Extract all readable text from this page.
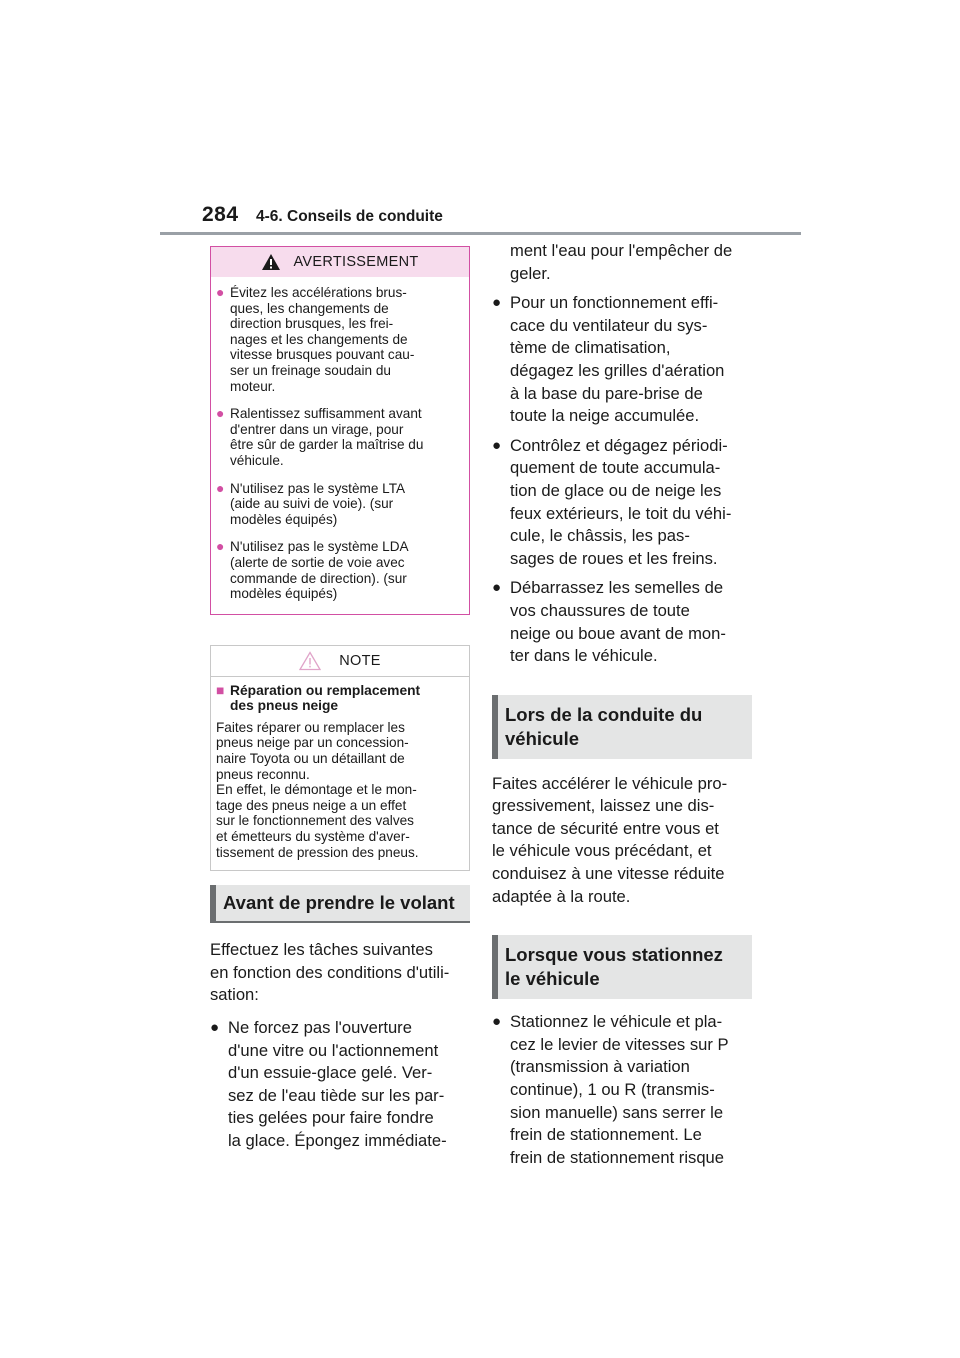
284 4-6. Conseils de conduite
AVERTISSEMENT
● Évitez les accélérations brus-
ques, les changements de
direction brusques, les frei-
nages et les changements de
vitesse brusques pouvant cau-
ser un freinage soudain du
moteur.
● Ralentissez suffisamment avant
d'entrer dans un virage, pour
être sûr de garder la maîtrise du
véhicule.
● N'utilisez pas le système LTA
(aide au suivi de voie). (sur
modèles équipés)
● N'utilisez pas le système LDA
(alerte de sortie de voie avec
commande de direction). (sur
modèles équipés)
NOTE
■ Réparation ou remplacement
des pneus neige
Faites réparer ou remplacer les
pneus neige par un concession-
naire Toyota ou un détaillant de
pneus reconnu.
En effet, le démontage et le mon-
tage des pneus neige a un effet
sur le fonctionnement des valves
et émetteurs du système d'aver-
tissement de pression des pneus.
Avant de prendre le volant
Effectuez les tâches suivantes
en fonction des conditions d'utili-
sation:
● Ne forcez pas l'ouverture
d'une vitre ou l'actionnement
d'un essuie-glace gelé. Ver-
sez de l'eau tiède sur les par-
ties gelées pour faire fondre
la glace. Épongez immédiate-
ment l'eau pour l'empêcher de
geler.
● Pour un fonctionnement effi-
cace du ventilateur du sys-
tème de climatisation,
dégagez les grilles d'aération
à la base du pare-brise de
toute la neige accumulée.
● Contrôlez et dégagez périodi-
quement de toute accumula-
tion de glace ou de neige les
feux extérieurs, le toit du véhi-
cule, le châssis, les pas-
sages de roues et les freins.
● Débarrassez les semelles de
vos chaussures de toute
neige ou boue avant de mon-
ter dans le véhicule.
Lors de la conduite du
véhicule
Faites accélérer le véhicule pro-
gressivement, laissez une dis-
tance de sécurité entre vous et
le véhicule vous précédant, et
conduisez à une vitesse réduite
adaptée à la route.
Lorsque vous stationnez
le véhicule
● Stationnez le véhicule et pla-
cez le levier de vitesses sur P
(transmission à variation
continue), 1 ou R (transmis-
sion manuelle) sans serrer le
frein de stationnement. Le
frein de stationnement risque
